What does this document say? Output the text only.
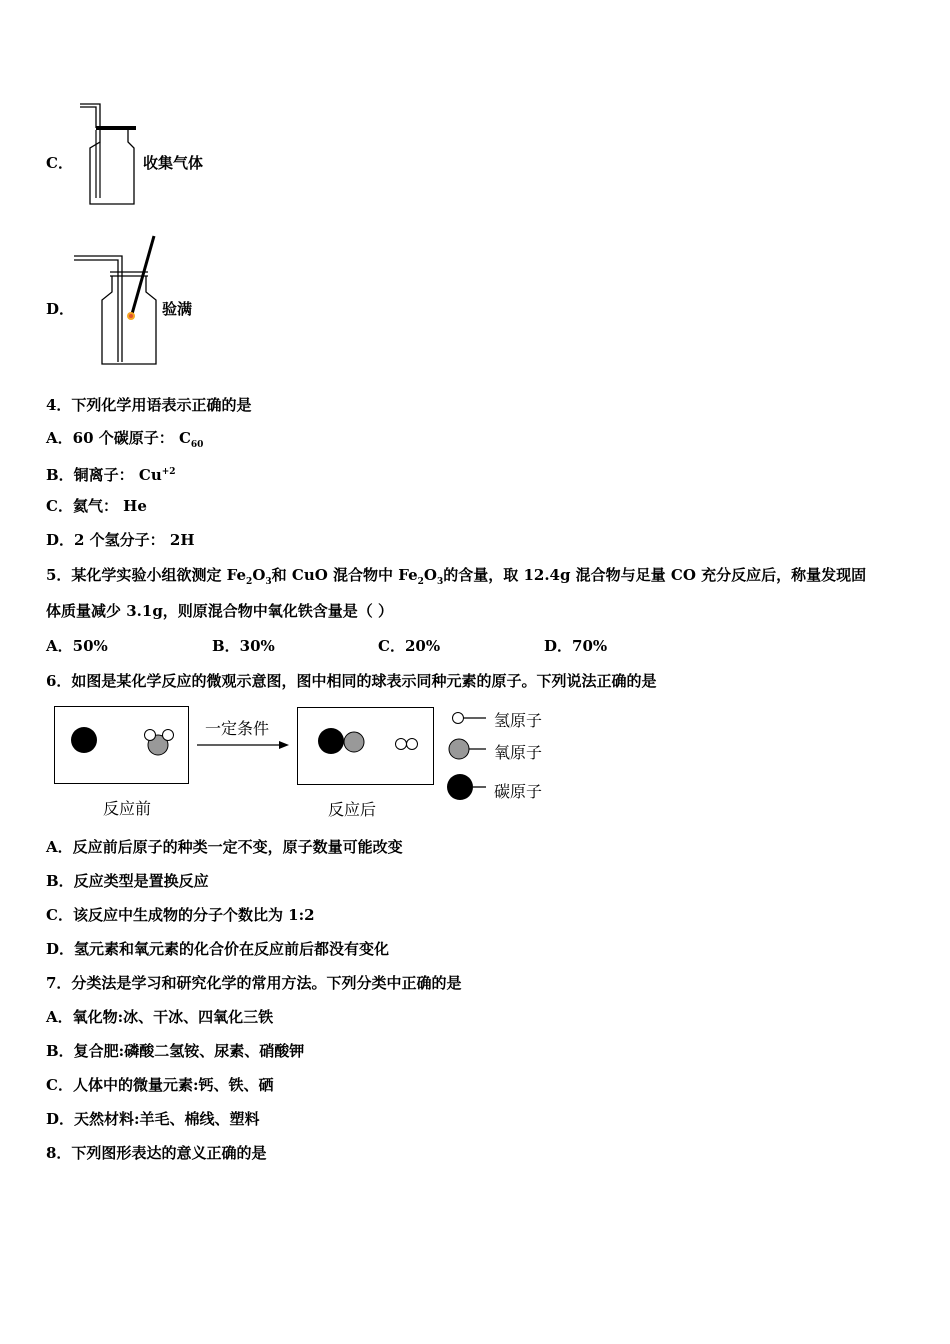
C．	收集气体
D．	验满
4．下列化学用语表示正确的是
A．60 个碳原子： $C_{60}$
B．铜离子： $Cu^{+2}$
C．氦气： He
D．2 个氢分子： 2H
5．某化学实验小组欲测定 $Fe_2O_3$和 CuO 混合物中 $Fe_2O_3$的含量，取 12.4g 混合物与足量 CO 充分反应后，称量发现固
体质量减少 3.1g，则原混合物中氧化铁含量是（ ）
A．50%	B．30%	C．20%	D．70%
6．如图是某化学反应的微观示意图，图中相同的球表示同种元素的原子。下列说法正确的是
反应前
一定条件
反应后
氢原子
氧原子
碳原子
A．反应前后原子的种类一定不变，原子数量可能改变
B．反应类型是置换反应
C．该反应中生成物的分子个数比为 1:2
D．氢元素和氧元素的化合价在反应前后都没有变化
7．分类法是学习和研究化学的常用方法。下列分类中正确的是
A．氧化物:冰、干冰、四氧化三铁
B．复合肥:磷酸二氢铵、尿素、硝酸钾
C．人体中的微量元素:钙、铁、硒
D．天然材料:羊毛、棉线、塑料
8．下列图形表达的意义正确的是
